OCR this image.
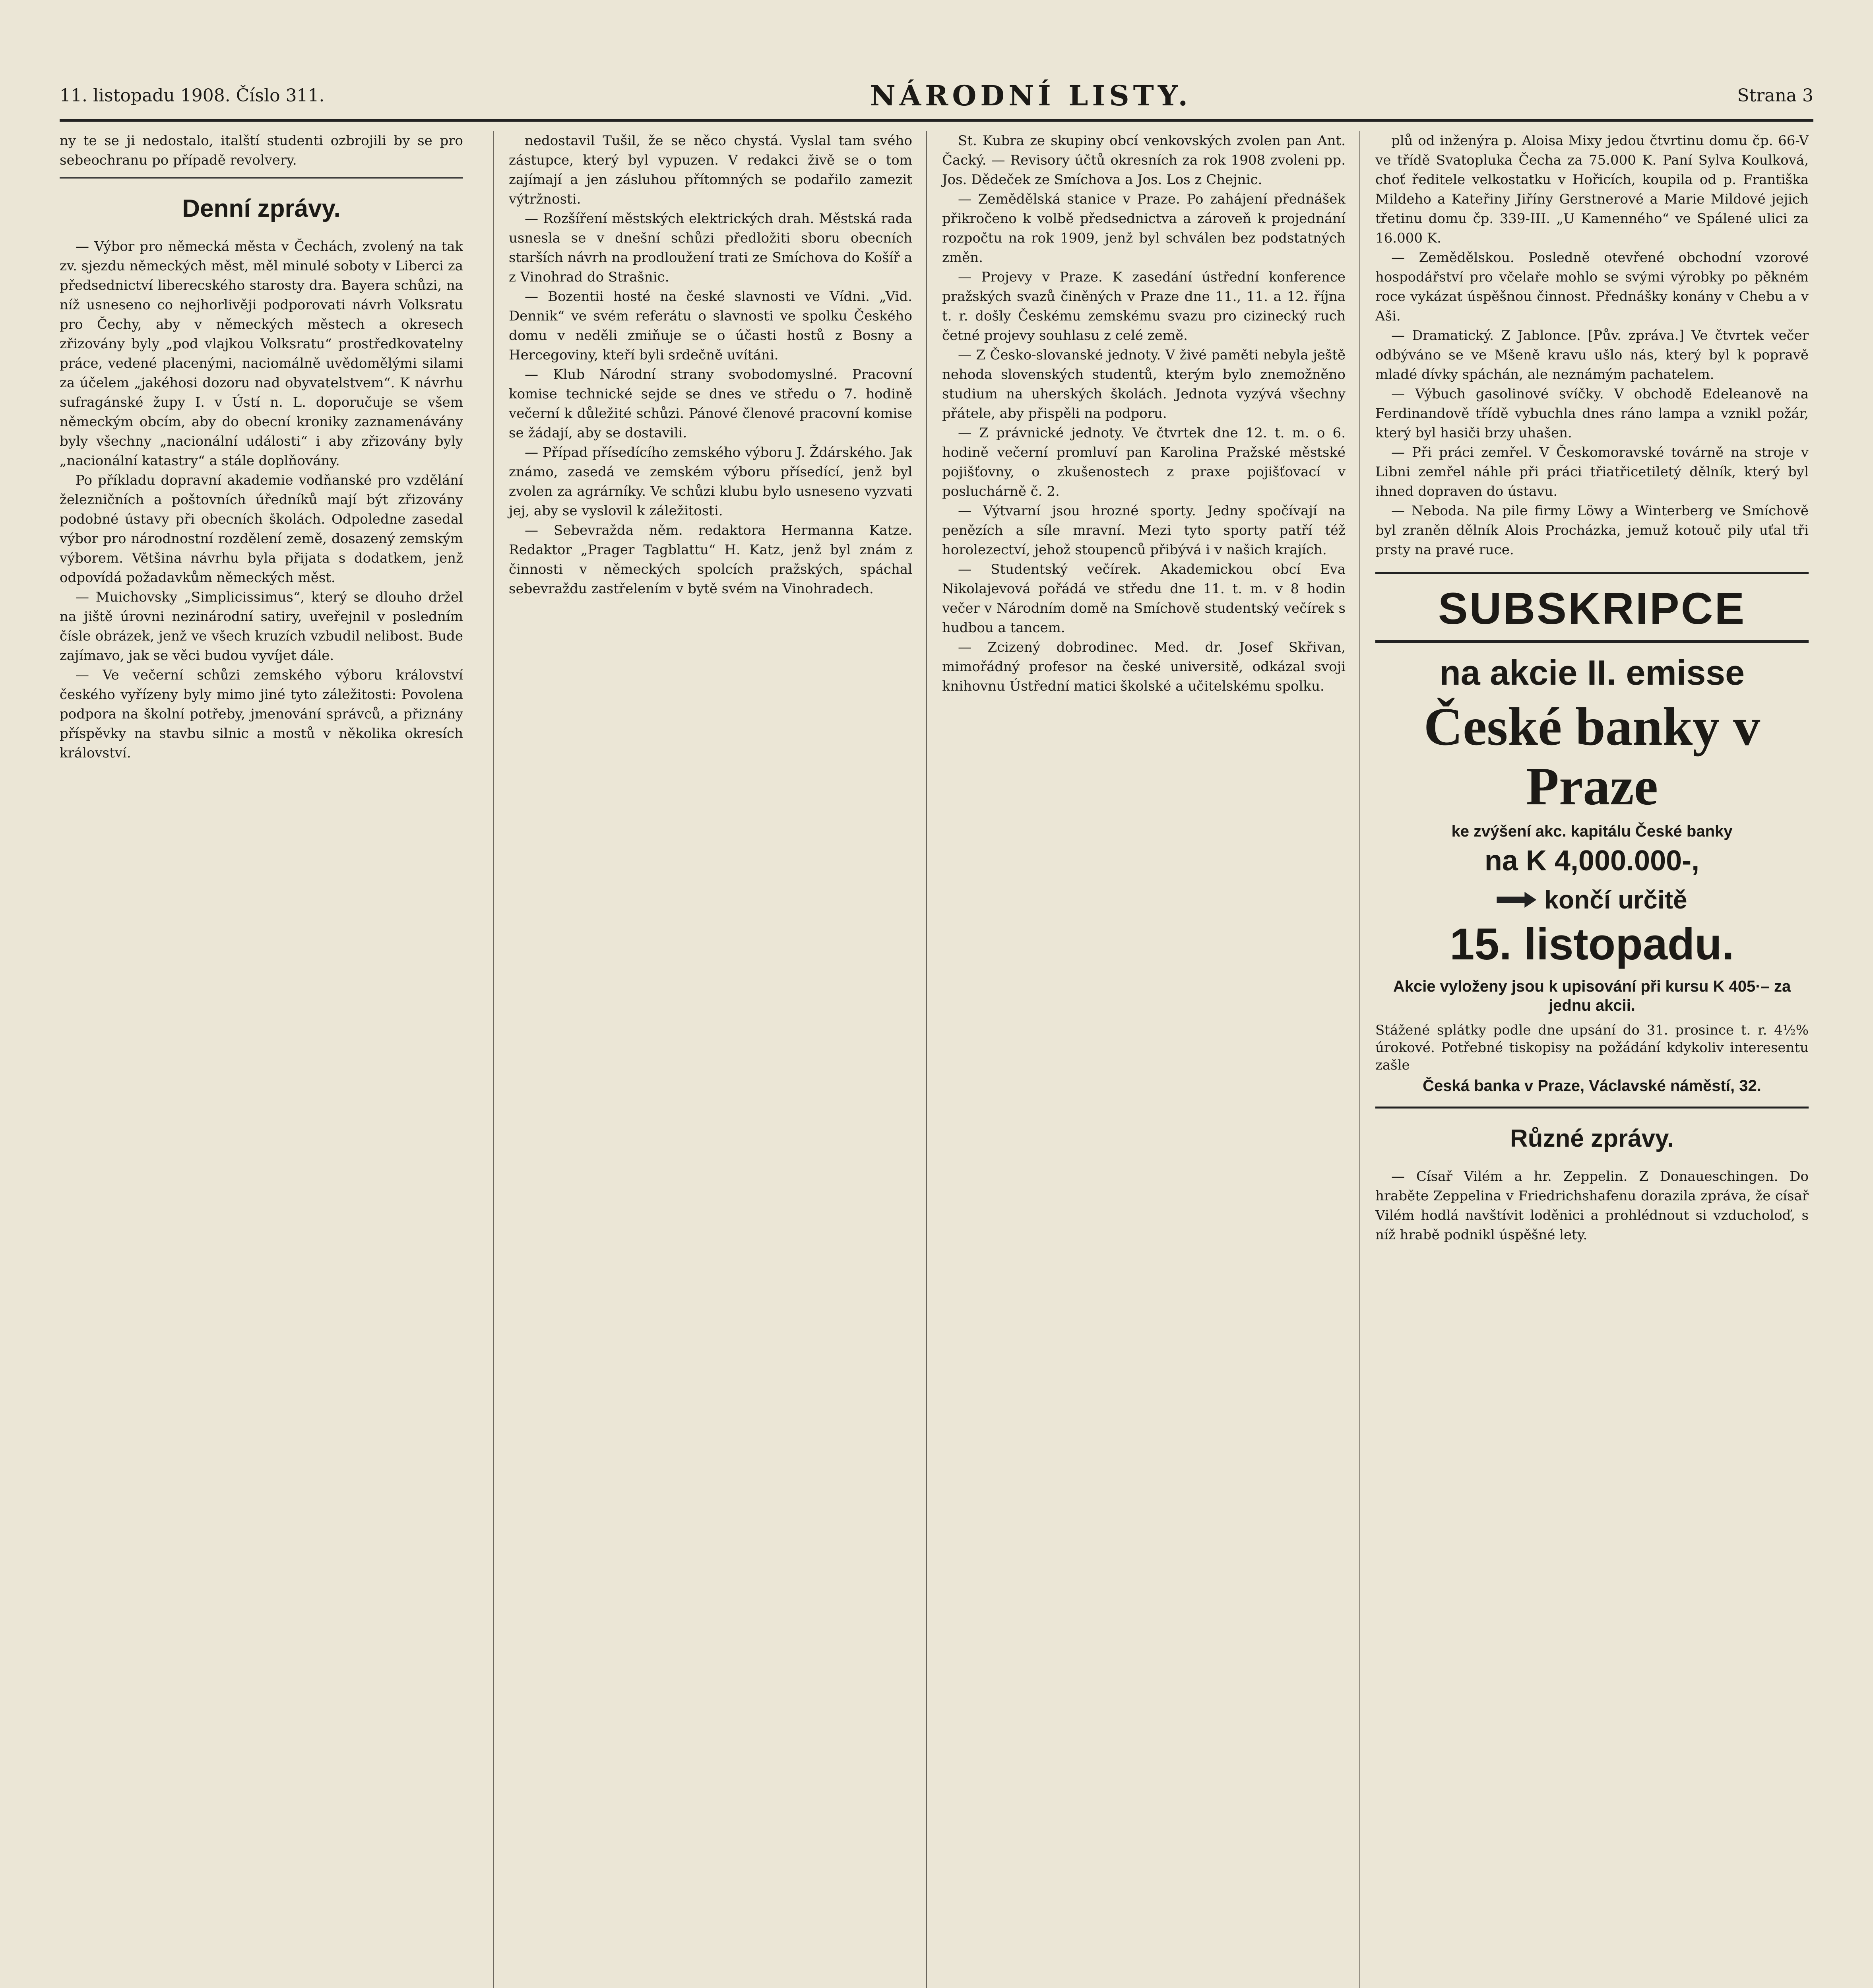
11. listopadu 1908. Číslo 311.	NÁRODNÍ LISTY.	Strana 3

ny te se ji nedostalo, italští studenti ozbrojili by se pro sebeochranu po případě revolvery.

Denní zprávy.

— Výbor pro německá města v Čechách, zvolený na tak zv. sjezdu německých měst, měl minulé soboty v Liberci za předsednictví liberecského starosty dra. Bayera schůzi, na níž usneseno co nejhorlivěji podporovati návrh Volksratu pro Čechy, aby v německých městech a okresech zřizovány byly „pod vlajkou Volksratu“ prostředkovatelny práce, vedené placenými, naciomálně uvědomělými silami za účelem „jakéhosi dozoru nad obyvatelstvem“. K návrhu sufragánské župy I. v Ústí n. L. doporučuje se všem německým obcím, aby do obecní kroniky zaznamenávány byly všechny „nacionální události“ i aby zřizovány byly „nacionální katastry“ a stále doplňovány.

Po příkladu dopravní akademie vodňanské pro vzdělání železničních a poštovních úředníků mají být zřizovány podobné ústavy při obecních školách. Odpoledne zasedal výbor pro národnostní rozdělení země, dosazený zemským výborem. Většina návrhu byla přijata s dodatkem, jenž odpovídá požadavkům německých měst.

— Muichovsky „Simplicissimus“, který se dlouho držel na jiště úrovni nezinárodní satiry, uveřejnil v posledním čísle obrázek, jenž ve všech kruzích vzbudil nelibost. Bude zajímavo, jak se věci budou vyvíjet dále.

— Ve večerní schůzi zemského výboru království českého vyřízeny byly mimo jiné tyto záležitosti: Povolena podpora na školní potřeby, jmenování správců, a přiznány příspěvky na stavbu silnic a mostů v několika okresích království.

nedostavil Tušil, že se něco chystá. Vyslal tam svého zástupce, který byl vypuzen. V redakci živě se o tom zajímají a jen zásluhou přítomných se podařilo zamezit výtržnosti.

— Rozšíření městských elektrických drah. Městská rada usnesla se v dnešní schůzi předložiti sboru obecních starších návrh na prodloužení trati ze Smíchova do Košíř a z Vinohrad do Strašnic.

— Bozentii hosté na české slavnosti ve Vídni. „Vid. Dennik“ ve svém referátu o slavnosti ve spolku Českého domu v neděli zmiňuje se o účasti hostů z Bosny a Hercegoviny, kteří byli srdečně uvítáni.

— Klub Národní strany svobodomyslné. Pracovní komise technické sejde se dnes ve středu o 7. hodině večerní k důležité schůzi. Pánové členové pracovní komise se žádají, aby se dostavili.

— Případ přísedícího zemského výboru J. Ždárského. Jak známo, zasedá ve zemském výboru přísedící, jenž byl zvolen za agrárníky. Ve schůzi klubu bylo usneseno vyzvati jej, aby se vyslovil k záležitosti.

— Sebevražda něm. redaktora Hermanna Katze. Redaktor „Prager Tagblattu“ H. Katz, jenž byl znám z činnosti v německých spolcích pražských, spáchal sebevraždu zastřelením v bytě svém na Vinohradech.

St. Kubra ze skupiny obcí venkovských zvolen pan Ant. Čacký. — Revisory účtů okresních za rok 1908 zvoleni pp. Jos. Dědeček ze Smíchova a Jos. Los z Chejnic.

— Zemědělská stanice v Praze. Po zahájení přednášek přikročeno k volbě předsednictva a zároveň k projednání rozpočtu na rok 1909, jenž byl schválen bez podstatných změn.

— Projevy v Praze. K zasedání ústřední konference pražských svazů činěných v Praze dne 11., 11. a 12. října t. r. došly Českému zemskému svazu pro cizinecký ruch četné projevy souhlasu z celé země.

— Z Česko-slovanské jednoty. V živé paměti nebyla ještě nehoda slovenských studentů, kterým bylo znemožněno studium na uherských školách. Jednota vyzývá všechny přátele, aby přispěli na podporu.

— Z právnické jednoty. Ve čtvrtek dne 12. t. m. o 6. hodině večerní promluví pan Karolina Pražské městské pojišťovny, o zkušenostech z praxe pojišťovací v posluchárně č. 2.

— Výtvarní jsou hrozné sporty. Jedny spočívají na penězích a síle mravní. Mezi tyto sporty patří též horolezectví, jehož stoupenců přibývá i v našich krajích.

— Studentský večírek. Akademickou obcí Eva Nikolajevová pořádá ve středu dne 11. t. m. v 8 hodin večer v Národním domě na Smíchově studentský večírek s hudbou a tancem.

— Zcizený dobrodinec. Med. dr. Josef Skřivan, mimořádný profesor na české universitě, odkázal svoji knihovnu Ústřední matici školské a učitelskému spolku.

plů od inženýra p. Aloisa Mixy jedou čtvrtinu domu čp. 66-V ve třídě Svatopluka Čecha za 75.000 K. Paní Sylva Koulková, choť ředitele velkostatku v Hořicích, koupila od p. Františka Mildeho a Kateřiny Jiříny Gerstnerové a Marie Mildové jejich třetinu domu čp. 339-III. „U Kamenného“ ve Spálené ulici za 16.000 K.

— Zemědělskou. Posledně otevřené obchodní vzorové hospodářství pro včelaře mohlo se svými výrobky po pěkném roce vykázat úspěšnou činnost. Přednášky konány v Chebu a v Aši.

— Dramatický. Z Jablonce. [Pův. zpráva.] Ve čtvrtek večer odbýváno se ve Mšeně kravu ušlo nás, který byl k popravě mladé dívky spáchán, ale neznámým pachatelem.

— Výbuch gasolinové svíčky. V obchodě Edeleanově na Ferdinandově třídě vybuchla dnes ráno lampa a vznikl požár, který byl hasiči brzy uhašen.

— Při práci zemřel. V Českomoravské továrně na stroje v Libni zemřel náhle při práci třiatřicetiletý dělník, který byl ihned dopraven do ústavu.

— Neboda. Na pile firmy Löwy a Winterberg ve Smíchově byl zraněn dělník Alois Procházka, jemuž kotouč pily uťal tři prsty na pravé ruce.

SUBSKRIPCE
na akcie II. emisse
České banky v Praze
ke zvýšení akc. kapitálu České banky
na K 4,000.000-,
končí určitě
15. listopadu.
Akcie vyloženy jsou k upisování při kursu K 405·– za jednu akcii.
Stážené splátky podle dne upsání do 31. prosince t. r. 4½% úrokové. Potřebné tiskopisy na požádání kdykoliv interesentu zašle
Česká banka v Praze, Václavské náměstí, 32.
Různé zprávy.

— Císař Vilém a hr. Zeppelin. Z Donaueschingen. Do hraběte Zeppelina v Friedrichshafenu dorazila zpráva, že císař Vilém hodlá navštívit loděnici a prohlédnout si vzducholoď, s níž hrabě podnikl úspěšné lety.
